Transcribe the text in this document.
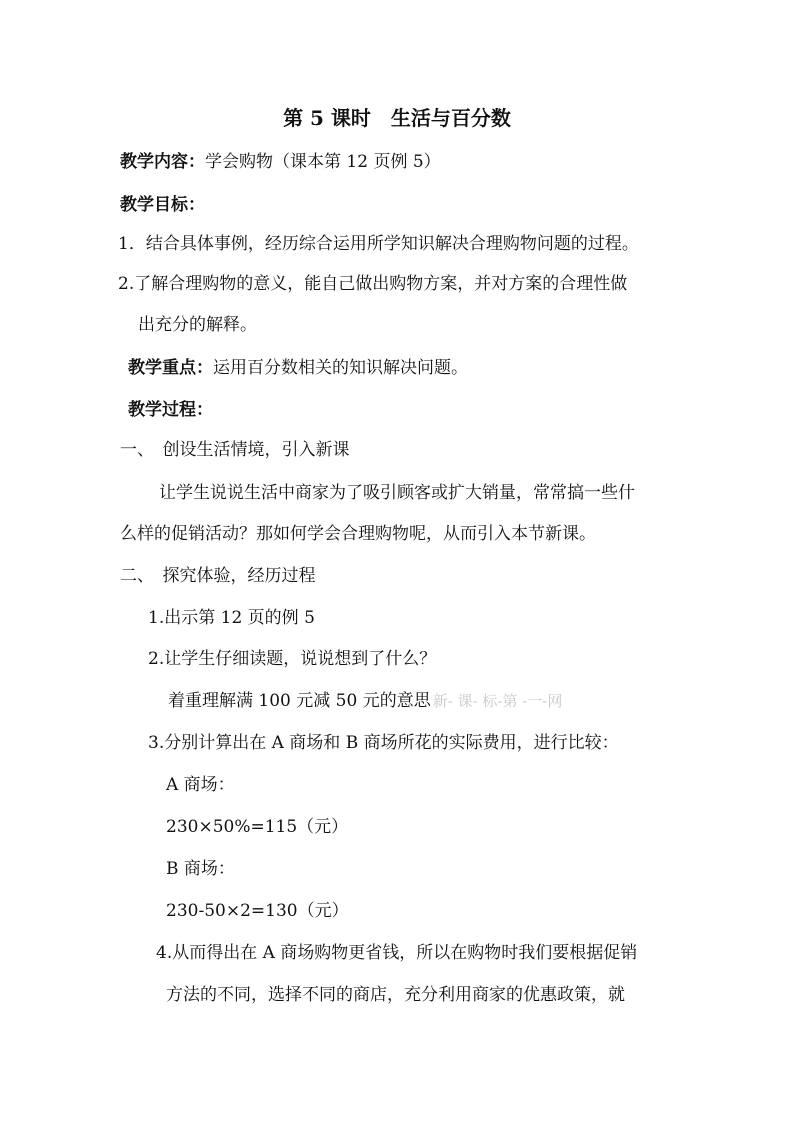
第 5 课时　生活与百分数
教学内容：学会购物（课本第 12 页例 5）
教学目标：
1．结合具体事例，经历综合运用所学知识解决合理购物问题的过程。
2.了解合理购物的意义，能自己做出购物方案，并对方案的合理性做
出充分的解释。
教学重点：运用百分数相关的知识解决问题。
教学过程：
一、　创设生活情境，引入新课
让学生说说生活中商家为了吸引顾客或扩大销量，常常搞一些什
么样的促销活动？那如何学会合理购物呢，从而引入本节新课。
二、　探究体验，经历过程
1.出示第 12 页的例 5
2.让学生仔细读题，说说想到了什么？
着重理解满 100 元减 50 元的意思 新- 课- 标-第 -一-网
3.分别计算出在 A 商场和 B 商场所花的实际费用，进行比较：
A 商场：
230×50%=115（元）
B 商场：
230-50×2=130（元）
4.从而得出在 A 商场购物更省钱，所以在购物时我们要根据促销
方法的不同，选择不同的商店，充分利用商家的优惠政策，就
